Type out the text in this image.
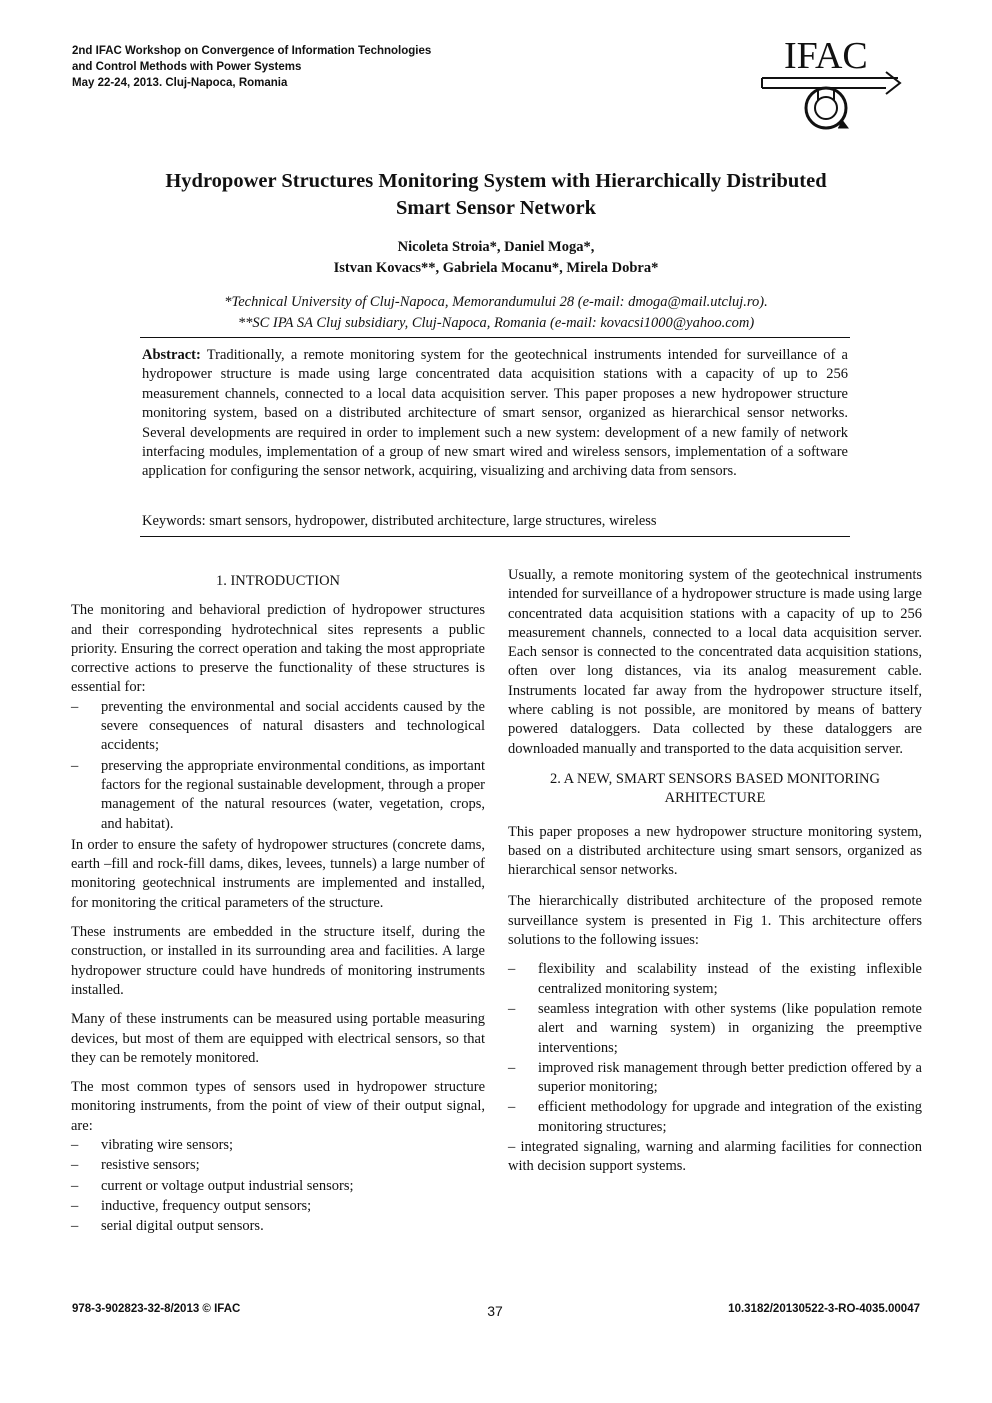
2nd IFAC Workshop on Convergence of Information Technologies
and Control Methods with Power Systems
May 22-24, 2013. Cluj-Napoca, Romania
IFAC
Hydropower Structures Monitoring System with Hierarchically Distributed
Smart Sensor Network
Nicoleta Stroia*, Daniel Moga*,
Istvan Kovacs**, Gabriela Mocanu*, Mirela Dobra*
*Technical University of Cluj-Napoca, Memorandumului 28 (e-mail: dmoga@mail.utcluj.ro).
**SC IPA SA Cluj subsidiary, Cluj-Napoca, Romania (e-mail: kovacsi1000@yahoo.com)
Abstract: Traditionally, a remote monitoring system for the geotechnical instruments intended for surveillance of a hydropower structure is made using large concentrated data acquisition stations with a capacity of up to 256 measurement channels, connected to a local data acquisition server. This paper proposes a new hydropower structure monitoring system, based on a distributed architecture of smart sensor, organized as hierarchical sensor networks. Several developments are required in order to implement such a new system: development of a new family of network interfacing modules, implementation of a group of new smart wired and wireless sensors, implementation of a software application for configuring the sensor network, acquiring, visualizing and archiving data from sensors.
Keywords: smart sensors, hydropower, distributed architecture, large structures, wireless

1. INTRODUCTION

The monitoring and behavioral prediction of hydropower structures and their corresponding hydrotechnical sites represents a public priority. Ensuring the correct operation and taking the most appropriate corrective actions to preserve the functionality of these structures is essential for:

– preventing the environmental and social accidents caused by the severe consequences of natural disasters and technological accidents;
– preserving the appropriate environmental conditions, as important factors for the regional sustainable development, through a proper management of the natural resources (water, vegetation, crops, and habitat).

In order to ensure the safety of hydropower structures (concrete dams, earth –fill and rock-fill dams, dikes, levees, tunnels) a large number of monitoring geotechnical instruments are implemented and installed, for monitoring the critical parameters of the structure.

These instruments are embedded in the structure itself, during the construction, or installed in its surrounding area and facilities. A large hydropower structure could have hundreds of monitoring instruments installed.

Many of these instruments can be measured using portable measuring devices, but most of them are equipped with electrical sensors, so that they can be remotely monitored.

The most common types of sensors used in hydropower structure monitoring instruments, from the point of view of their output signal, are:

– vibrating wire sensors;
– resistive sensors;
– current or voltage output industrial sensors;
– inductive, frequency output sensors;
– serial digital output sensors.

Usually, a remote monitoring system of the geotechnical instruments intended for surveillance of a hydropower structure is made using large concentrated data acquisition stations with a capacity of up to 256 measurement channels, connected to a local data acquisition server. Each sensor is connected to the concentrated data acquisition stations, often over long distances, via its analog measurement cable. Instruments located far away from the hydropower structure itself, where cabling is not possible, are monitored by means of battery powered dataloggers. Data collected by these dataloggers are downloaded manually and transported to the data acquisition server.

2. A NEW, SMART SENSORS BASED MONITORING
ARHITECTURE

This paper proposes a new hydropower structure monitoring system, based on a distributed architecture using smart sensors, organized as hierarchical sensor networks.

The hierarchically distributed architecture of the proposed remote surveillance system is presented in Fig 1. This architecture offers solutions to the following issues:

– flexibility and scalability instead of the existing inflexible centralized monitoring system;
– seamless integration with other systems (like population remote alert and warning system) in organizing the preemptive interventions;
– improved risk management through better prediction offered by a superior monitoring;
– efficient methodology for upgrade and integration of the existing monitoring structures;

– integrated signaling, warning and alarming facilities for connection with decision support systems.

978-3-902823-32-8/2013 © IFAC	37	10.3182/20130522-3-RO-4035.00047
